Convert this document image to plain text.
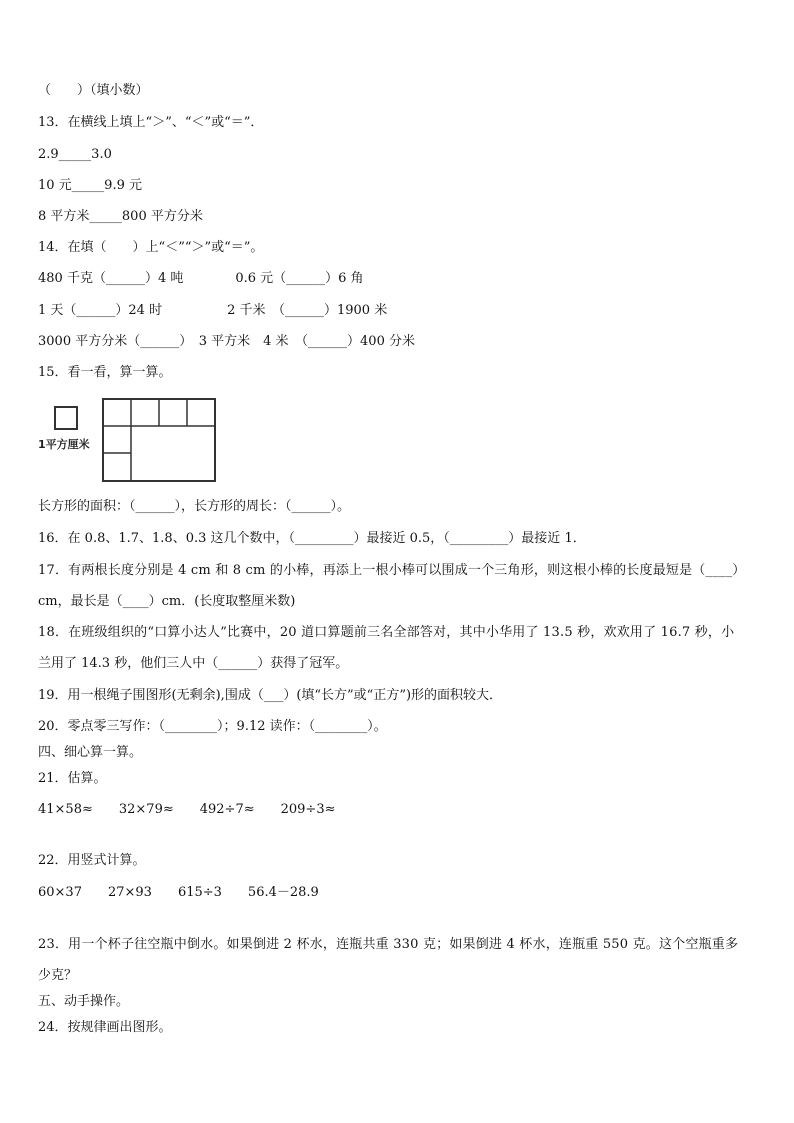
（　　）（填小数）
13．在横线上填上“＞”、“＜”或“＝”．
2.9_____3.0
10 元_____9.9 元
8 平方米_____800 平方分米
14．在填（　　）上“＜”“＞”或“＝”。
480 千克（______）4 吨　　　　0.6 元（______）6 角
1 天（______）24 时　　　　　2 千米　（______）1900 米
3000 平方分米（______）　3 平方米　4 米　（______）400 分米
15．看一看，算一算。
1平方厘米
长方形的面积：（______），长方形的周长：（______）。
16．在 0.8、1.7、1.8、0.3 这几个数中，（_________）最接近 0.5，（_________）最接近 1．
17．有两根长度分别是 4 cm 和 8 cm 的小棒，再添上一根小棒可以围成一个三角形，则这根小棒的长度最短是（____）
cm，最长是（____）cm．(长度取整厘米数)
18．在班级组织的“口算小达人”比赛中，20 道口算题前三名全部答对，其中小华用了 13.5 秒，欢欢用了 16.7 秒，小
兰用了 14.3 秒，他们三人中（______）获得了冠军。
19．用一根绳子围图形(无剩余),围成（___）(填“长方”或“正方”)形的面积较大．
20．零点零三写作：（________）；9.12 读作：（________）。
四、细心算一算。
21．估算。
41×58≈　　32×79≈　　492÷7≈　　209÷3≈
22．用竖式计算。
60×37　　27×93　　615÷3　　56.4－28.9
23．用一个杯子往空瓶中倒水。如果倒进 2 杯水，连瓶共重 330 克；如果倒进 4 杯水，连瓶重 550 克。这个空瓶重多
少克？
五、动手操作。
24．按规律画出图形。
